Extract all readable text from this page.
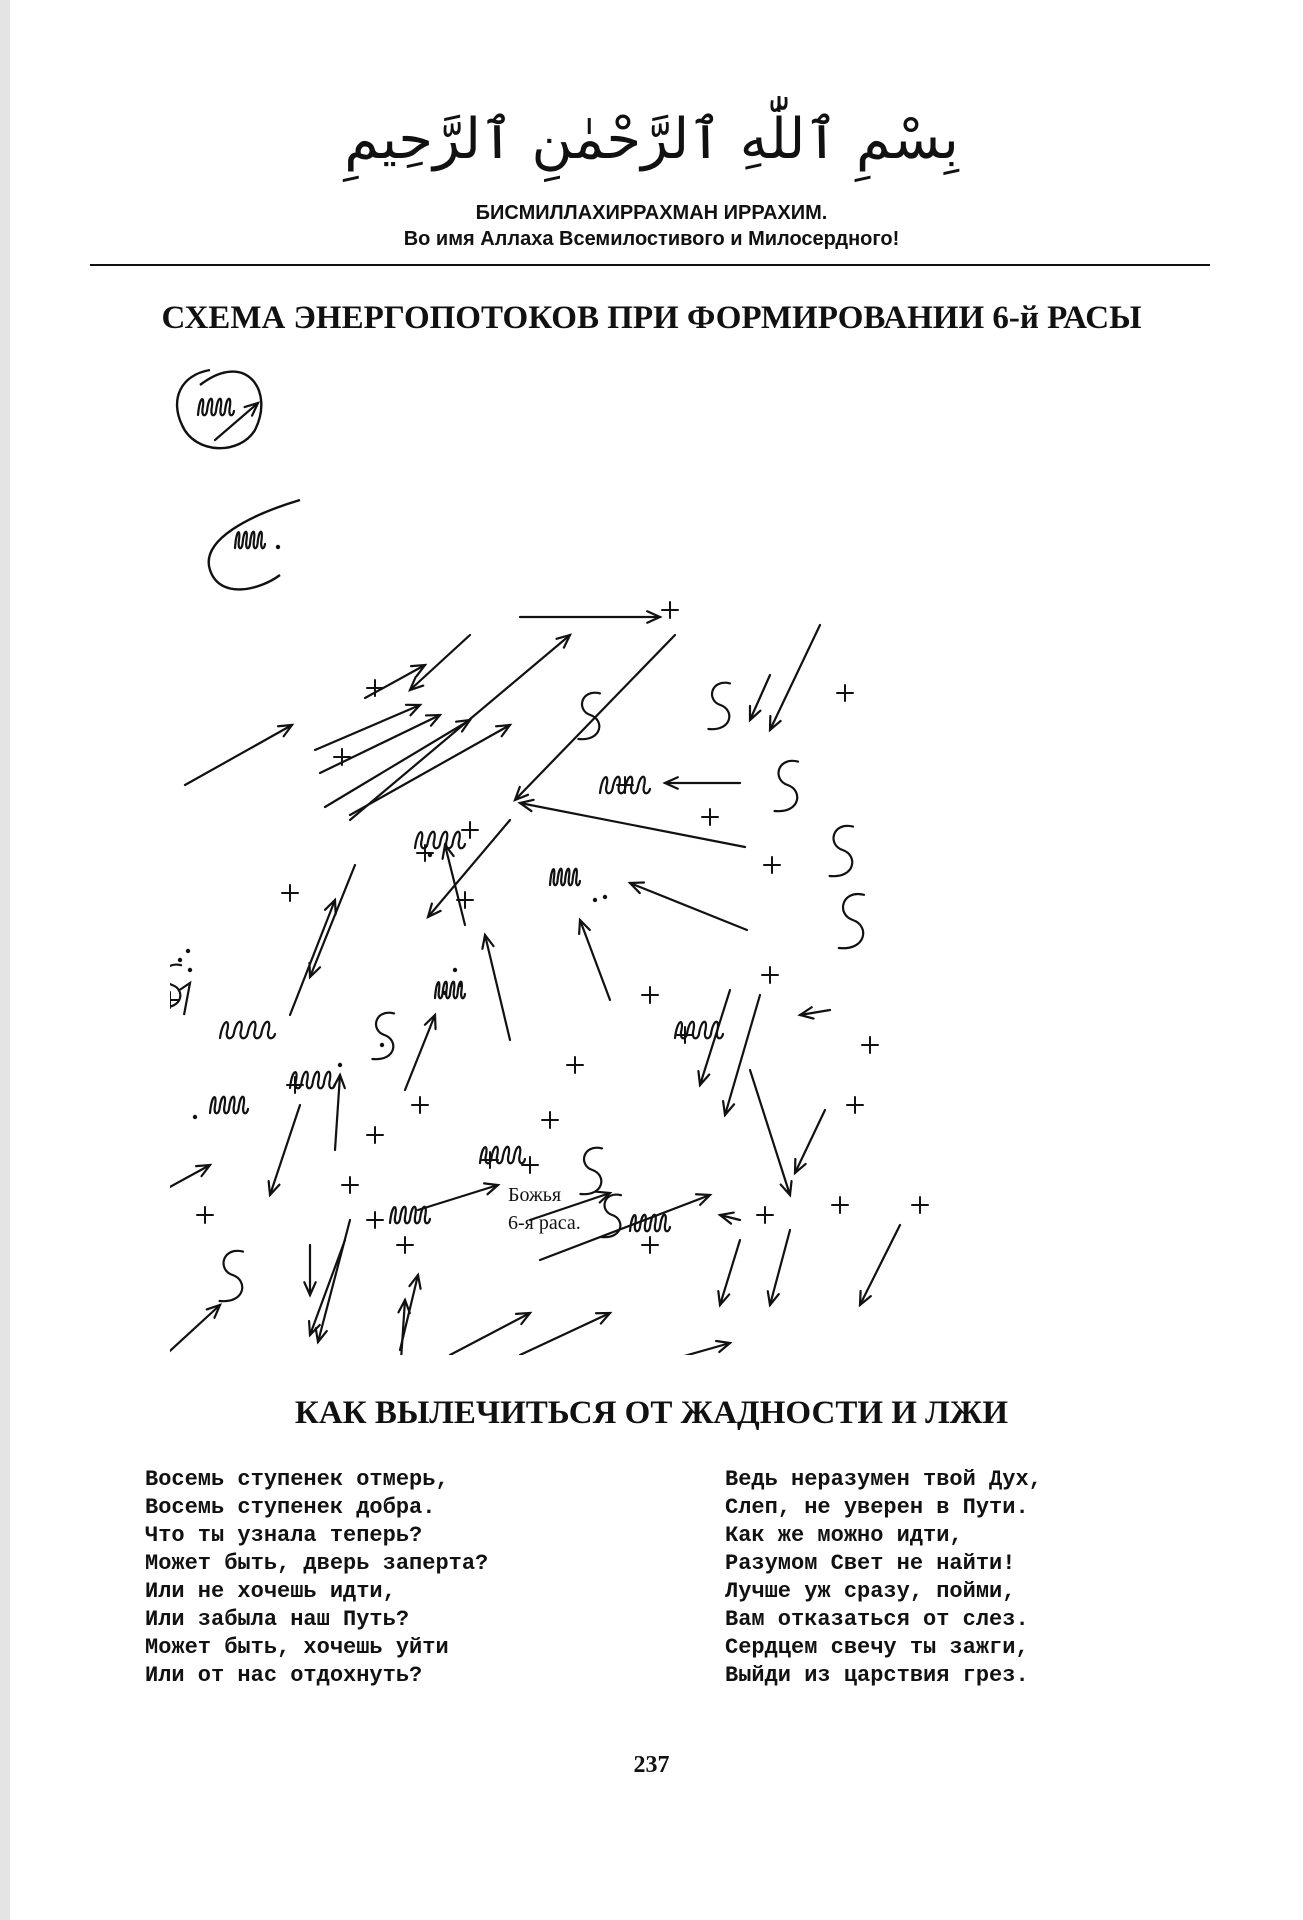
بِسْمِ ٱللّٰهِ ٱلرَّحْمٰنِ ٱلرَّحِيمِ
БИСМИЛЛАХИРРАХМАН ИРРАХИМ.
Во имя Аллаха Всемилостивого и Милосердного!
СХЕМА ЭНЕРГОПОТОКОВ ПРИ ФОРМИРОВАНИИ 6-й РАСЫ
Божья
6-я раса.
КАК ВЫЛЕЧИТЬСЯ ОТ ЖАДНОСТИ И ЛЖИ
Восемь ступенек отмерь,
Восемь ступенек добра.
Что ты узнала теперь?
Может быть, дверь заперта?
Или не хочешь идти,
Или забыла наш Путь?
Может быть, хочешь уйти
Или от нас отдохнуть?
Ведь неразумен твой Дух,
Слеп, не уверен в Пути.
Как же можно идти,
Разумом Свет не найти!
Лучше уж сразу, пойми,
Вам отказаться от слез.
Сердцем свечу ты зажги,
Выйди из царствия грез.
237
